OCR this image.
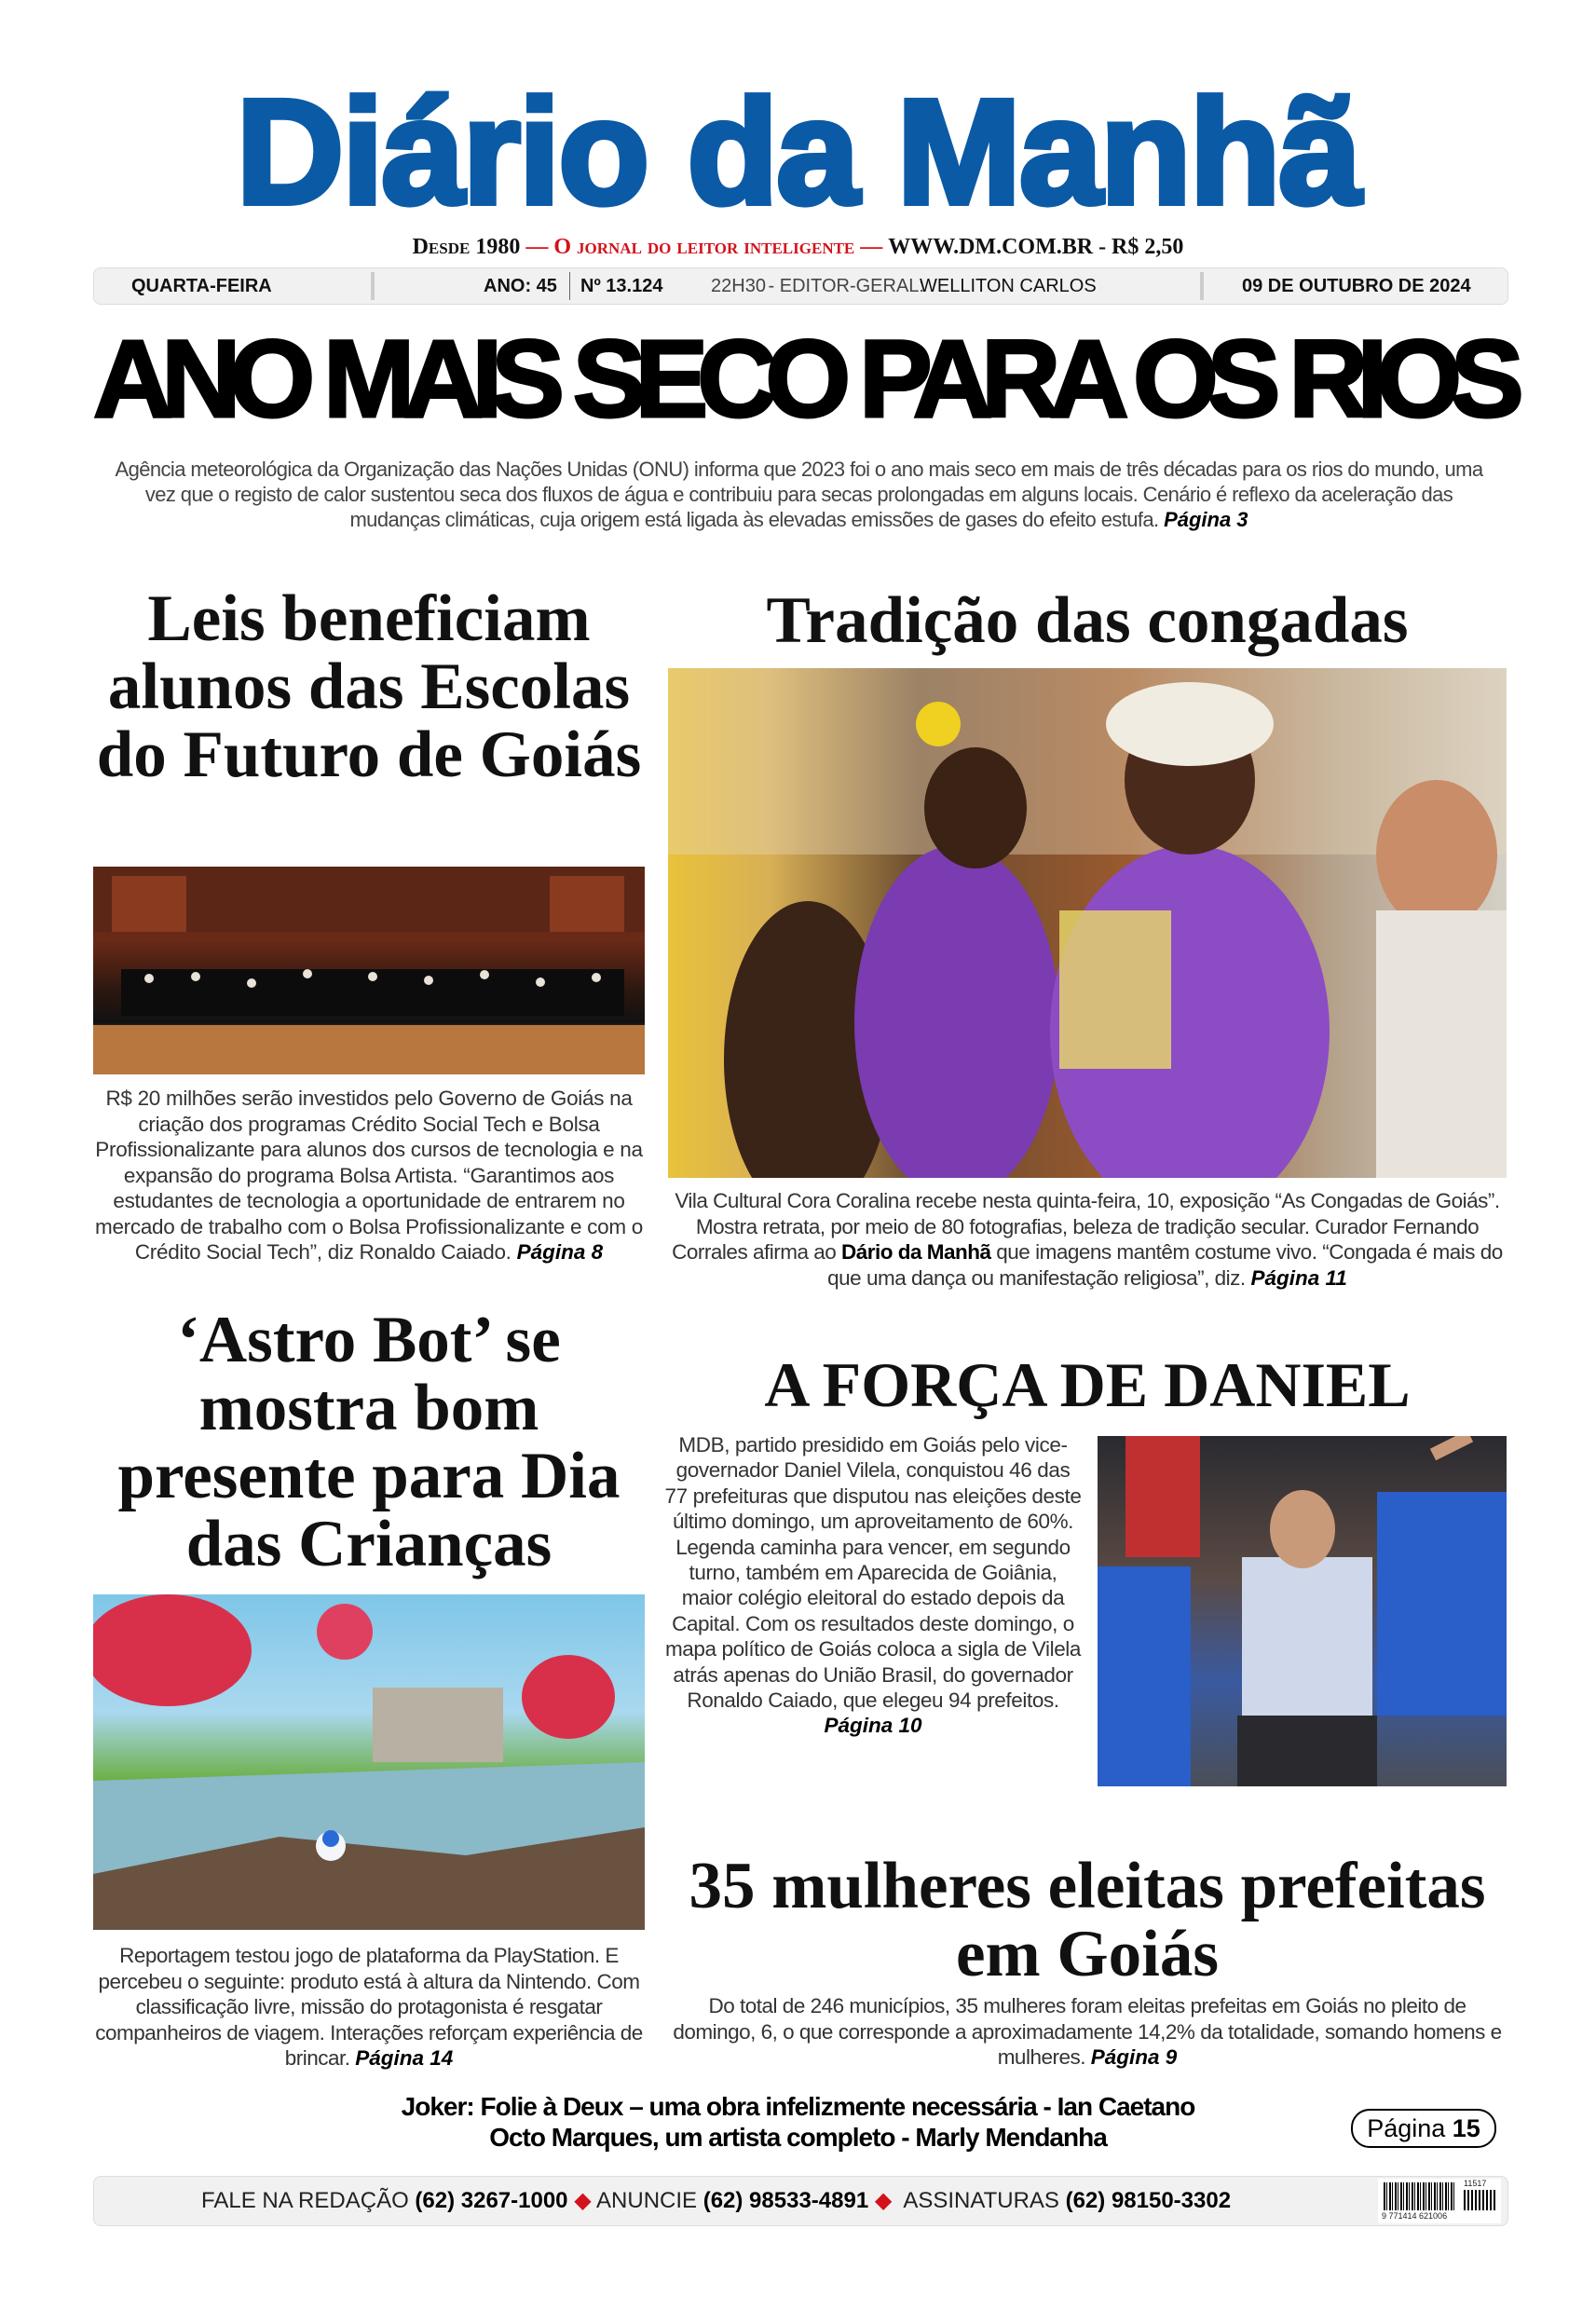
Diário da Manhã
Desde 1980 — O jornal do leitor inteligente — WWW.DM.COM.BR - R$ 2,50
QUARTA-FEIRA	ANO: 45 Nº 13.124	22H30
- EDITOR-GERAL:
WELLITON CARLOS	09 DE OUTUBRO DE 2024
ANO MAIS SECO PARA OS RIOS
Agência meteorológica da Organização das Nações Unidas (ONU) informa que 2023 foi o ano mais seco em mais de três décadas para os rios do mundo, uma vez que o registo de calor sustentou seca dos fluxos de água e contribuiu para secas prolongadas em alguns locais. Cenário é reflexo da aceleração das mudanças climáticas, cuja origem está ligada às elevadas emissões de gases do efeito estufa. Página 3
Leis beneficiam alunos das Escolas do Futuro de Goiás
R$ 20 milhões serão investidos pelo Governo de Goiás na criação dos programas Crédito Social Tech e Bolsa Profissionalizante para alunos dos cursos de tecnologia e na expansão do programa Bolsa Artista. “Garantimos aos estudantes de tecnologia a oportunidade de entrarem no mercado de trabalho com o Bolsa Profissionalizante e com o Crédito Social Tech”, diz Ronaldo Caiado. Página 8
Tradição das congadas
Vila Cultural Cora Coralina recebe nesta quinta-feira, 10, exposição “As Congadas de Goiás”. Mostra retrata, por meio de 80 fotografias, beleza de tradição secular. Curador Fernando Corrales afirma ao Dário da Manhã que imagens mantêm costume vivo. “Congada é mais do que uma dança ou manifestação religiosa”, diz. Página 11
‘Astro Bot’ se mostra bom presente para Dia das Crianças
Reportagem testou jogo de plataforma da PlayStation. E percebeu o seguinte: produto está à altura da Nintendo. Com classificação livre, missão do protagonista é resgatar companheiros de viagem. Interações reforçam experiência de brincar. Página 14
A FORÇA DE DANIEL
MDB, partido presidido em Goiás pelo vice-governador Daniel Vilela, conquistou 46 das 77 prefeituras que disputou nas eleições deste último domingo, um aproveitamento de 60%. Legenda caminha para vencer, em segundo turno, também em Aparecida de Goiânia, maior colégio eleitoral do estado depois da Capital. Com os resultados deste domingo, o mapa político de Goiás coloca a sigla de Vilela atrás apenas do União Brasil, do governador Ronaldo Caiado, que elegeu 94 prefeitos.
Página 10
35 mulheres eleitas prefeitas em Goiás
Do total de 246 municípios, 35 mulheres foram eleitas prefeitas em Goiás no pleito de domingo, 6, o que corresponde a aproximadamente 14,2% da totalidade, somando homens e mulheres. Página 9
Joker: Folie à Deux – uma obra infelizmente necessária - Ian Caetano
Octo Marques, um artista completo - Marly Mendanha	Página 15
FALE NA REDAÇÃO (62) 3267-1000 ◆ ANUNCIE (62) 98533-4891 ◆  ASSINATURAS (62) 98150-3302
11517
9 771414 621006
